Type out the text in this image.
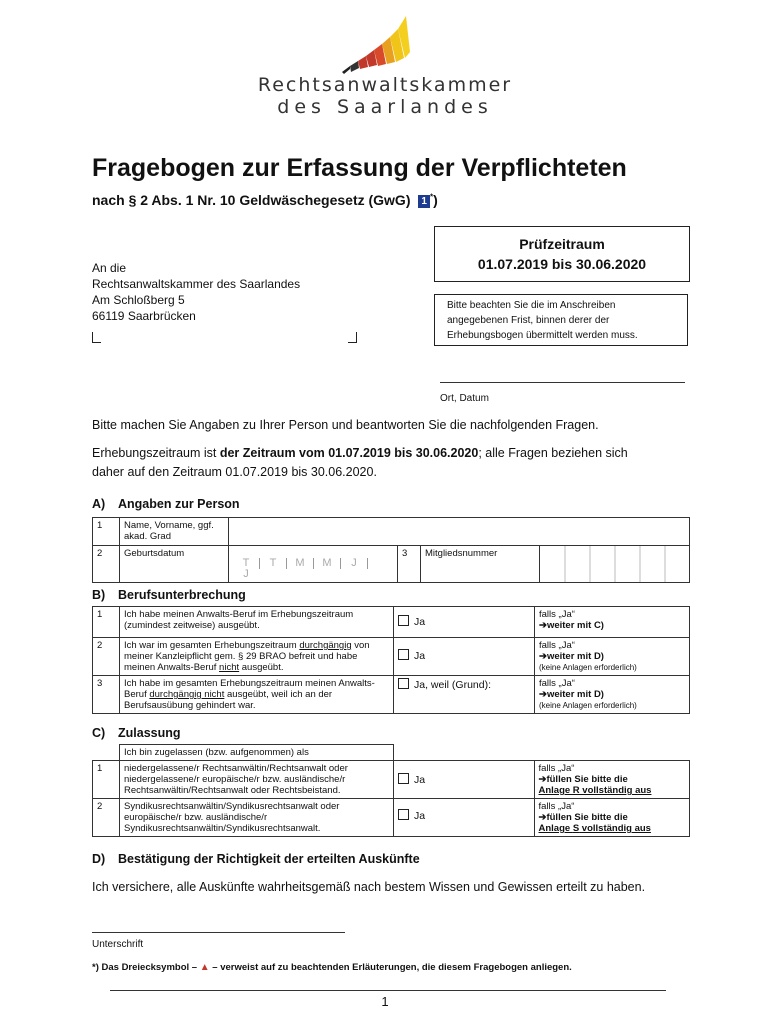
Rechtsanwaltskammer
des Saarlandes
Fragebogen zur Erfassung der Verpflichteten
nach § 2 Abs. 1 Nr. 10 Geldwäschegesetz (GwG) 1 *)
Prüfzeitraum
01.07.2019 bis 30.06.2020
Bitte beachten Sie die im Anschreiben
angegebenen Frist, binnen derer der
Erhebungsbogen übermittelt werden muss.
An die
Rechtsanwaltskammer des Saarlandes
Am Schloßberg 5
66119 Saarbrücken
Ort, Datum
Bitte machen Sie Angaben zu Ihrer Person und beantworten Sie die nachfolgenden Fragen.
Erhebungszeitraum ist der Zeitraum vom 01.07.2019 bis 30.06.2020; alle Fragen beziehen sich daher auf den Zeitraum 01.07.2019 bis 30.06.2020.
A) Angaben zur Person
1	Name, Vorname, ggf. akad. Grad				
2	Geburtsdatum	T T M M JJ	3	Mitgliedsnummer	
B) Berufsunterbrechung
1	Ich habe meinen Anwalts-Beruf im Erhebungszeitraum (zumindest zeitweise) ausgeübt.	Ja	falls „Ja“
➔weiter mit C)

2	Ich war im gesamten Erhebungszeitraum durchgängig von meiner Kanzleipflicht gem. § 29 BRAO befreit und habe meinen Anwalts-Beruf nicht ausgeübt.	Ja	falls „Ja“
➔weiter mit D)
(keine Anlagen erforderlich)

3	Ich habe im gesamten Erhebungszeitraum meinen Anwalts-Beruf durchgängig nicht ausgeübt, weil ich an der Berufsausübung gehindert war.	Ja, weil (Grund):	falls „Ja“
➔weiter mit D)
(keine Anlagen erforderlich)
C) Zulassung
	Ich bin zugelassen (bzw. aufgenommen) als		
1	niedergelassene/r Rechtsanwältin/Rechtsanwalt oder niedergelassene/r europäische/r bzw. ausländische/r Rechtsanwältin/Rechtsanwalt oder Rechtsbeistand.	Ja	falls „Ja“
➔füllen Sie bitte die
Anlage R vollständig aus

2	Syndikusrechtsanwältin/Syndikusrechtsanwalt oder europäische/r bzw. ausländische/r Syndikusrechtsanwältin/Syndikusrechtsanwalt.	Ja	falls „Ja“
➔füllen Sie bitte die
Anlage S vollständig aus
D) Bestätigung der Richtigkeit der erteilten Auskünfte
Ich versichere, alle Auskünfte wahrheitsgemäß nach bestem Wissen und Gewissen erteilt zu haben.
Unterschrift
*) Das Dreiecksymbol – ▲ – verweist auf zu beachtenden Erläuterungen, die diesem Fragebogen anliegen.
1
